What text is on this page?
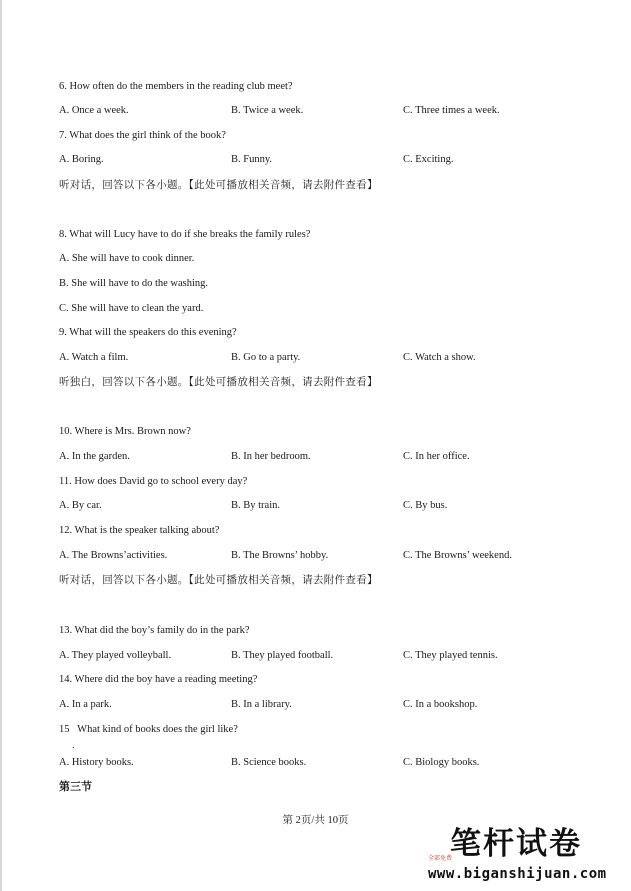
6. How often do the members in the reading club meet?
A. Once a week.	B. Twice a week.	C. Three times a week.
7. What does the girl think of the book?
A. Boring.	B. Funny.	C. Exciting.
听对话，回答以下各小题。【此处可播放相关音频，请去附件查看】
8. What will Lucy have to do if she breaks the family rules?
A. She will have to cook dinner.
B. She will have to do the washing.
C. She will have to clean the yard.
9. What will the speakers do this evening?
A. Watch a film.	B. Go to a party.	C. Watch a show.
听独白，回答以下各小题。【此处可播放相关音频，请去附件查看】
10. Where is Mrs. Brown now?
A. In the garden.	B. In her bedroom.	C. In her office.
11. How does David go to school every day?
A. By car.	B. By train.	C. By bus.
12. What is the speaker talking about?
A. The Browns’activities.	B. The Browns’ hobby.	C. The Browns’ weekend.
听对话，回答以下各小题。【此处可播放相关音频，请去附件查看】
13. What did the boy’s family do in the park?
A. They played volleyball.	B. They played football.	C. They played tennis.
14. Where did the boy have a reading meeting?
A. In a park.	B. In a library.	C. In a bookshop.
15   What kind of books does the girl like?
．
A. History books.	B. Science books.	C. Biology books.
第三节
第 2页/共 10页
笔杆试卷
全部免费
www.biganshijuan.com
